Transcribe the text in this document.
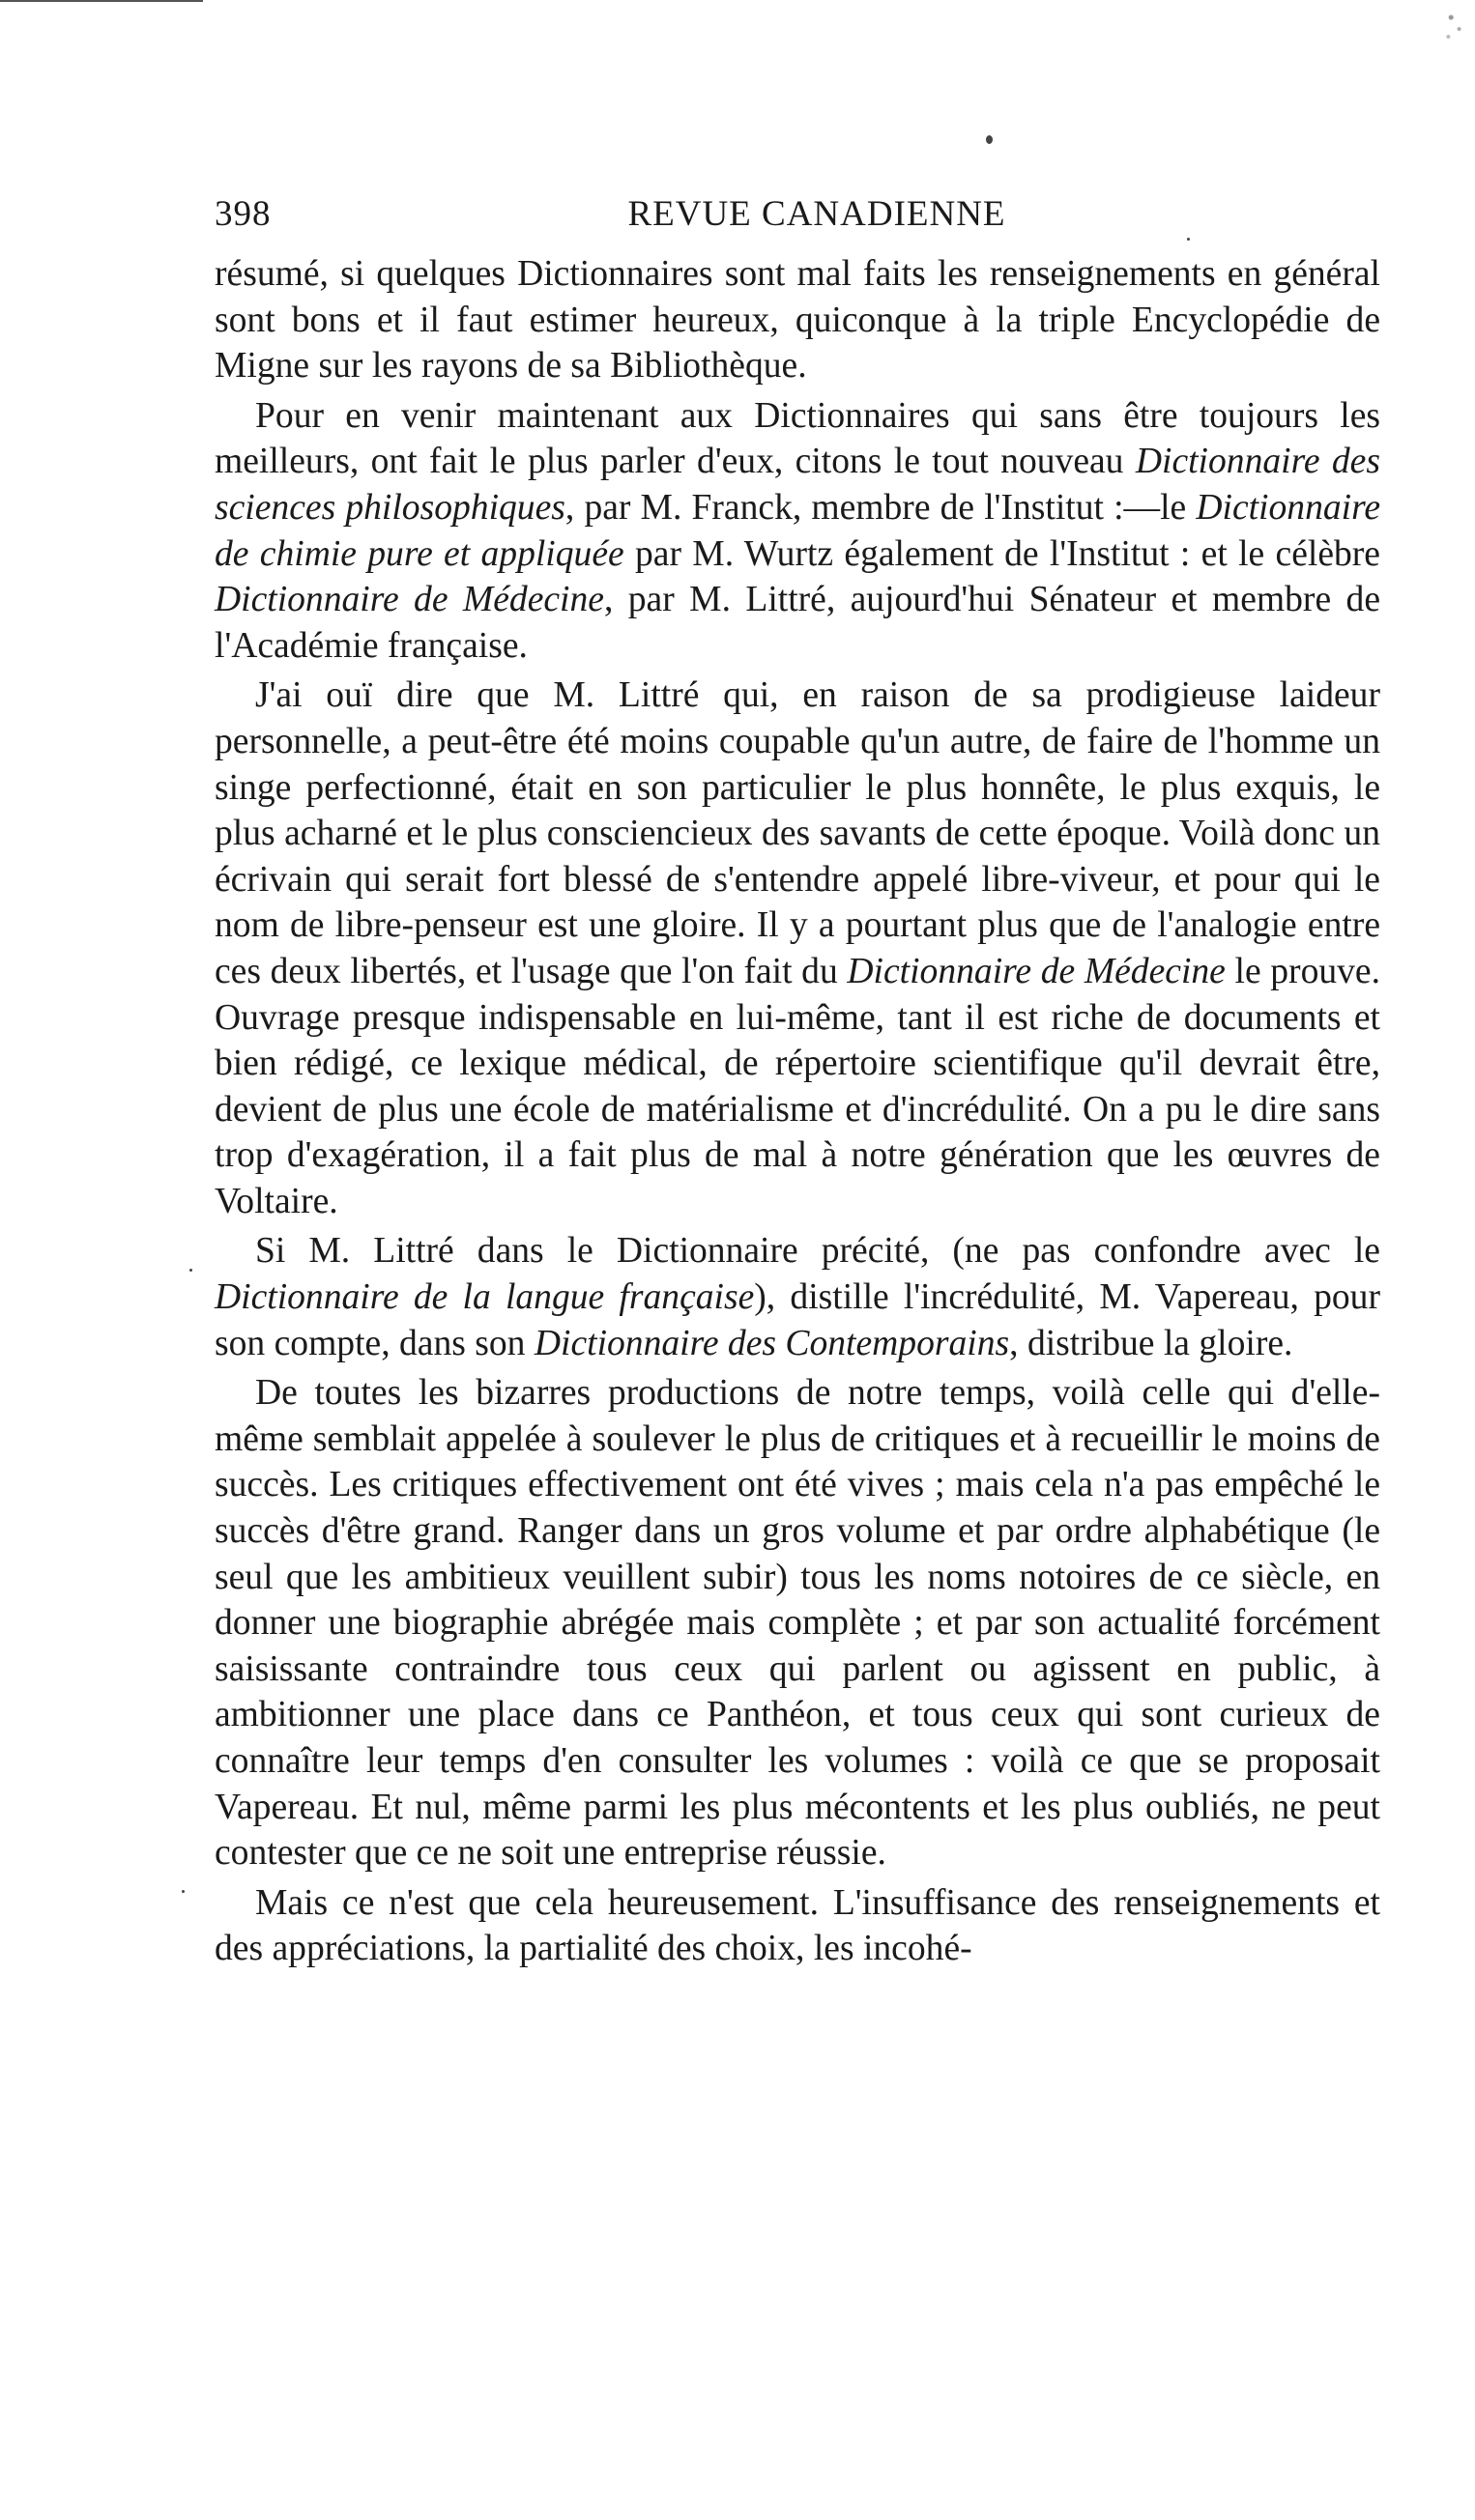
398	REVUE CANADIENNE

résumé, si quelques Dictionnaires sont mal faits les renseignements en général sont bons et il faut estimer heureux, quiconque à la triple Encyclopédie de Migne sur les rayons de sa Bibliothèque.

Pour en venir maintenant aux Dictionnaires qui sans être toujours les meilleurs, ont fait le plus parler d'eux, citons le tout nouveau Dictionnaire des sciences philosophiques, par M. Franck, membre de l'Institut :—le Dictionnaire de chimie pure et appliquée par M. Wurtz également de l'Institut : et le célèbre Dictionnaire de Médecine, par M. Littré, aujourd'hui Sénateur et membre de l'Académie française.

J'ai ouï dire que M. Littré qui, en raison de sa prodigieuse laideur personnelle, a peut-être été moins coupable qu'un autre, de faire de l'homme un singe perfectionné, était en son particulier le plus honnête, le plus exquis, le plus acharné et le plus consciencieux des savants de cette époque. Voilà donc un écrivain qui serait fort blessé de s'entendre appelé libre-viveur, et pour qui le nom de libre-penseur est une gloire. Il y a pourtant plus que de l'analogie entre ces deux libertés, et l'usage que l'on fait du Dictionnaire de Médecine le prouve. Ouvrage presque indispensable en lui-même, tant il est riche de documents et bien rédigé, ce lexique médical, de répertoire scientifique qu'il devrait être, devient de plus une école de matérialisme et d'incrédulité. On a pu le dire sans trop d'exagération, il a fait plus de mal à notre génération que les œuvres de Voltaire.

Si M. Littré dans le Dictionnaire précité, (ne pas confondre avec le Dictionnaire de la langue française), distille l'incrédulité, M. Vapereau, pour son compte, dans son Dictionnaire des Contemporains, distribue la gloire.

De toutes les bizarres productions de notre temps, voilà celle qui d'elle-même semblait appelée à soulever le plus de critiques et à recueillir le moins de succès. Les critiques effectivement ont été vives ; mais cela n'a pas empêché le succès d'être grand. Ranger dans un gros volume et par ordre alphabétique (le seul que les ambitieux veuillent subir) tous les noms notoires de ce siècle, en donner une biographie abrégée mais complète ; et par son actualité forcément saisissante contraindre tous ceux qui parlent ou agissent en public, à ambitionner une place dans ce Panthéon, et tous ceux qui sont curieux de connaître leur temps d'en consulter les volumes : voilà ce que se proposait Vapereau. Et nul, même parmi les plus mécontents et les plus oubliés, ne peut contester que ce ne soit une entreprise réussie.

Mais ce n'est que cela heureusement. L'insuffisance des renseignements et des appréciations, la partialité des choix, les incohé-
